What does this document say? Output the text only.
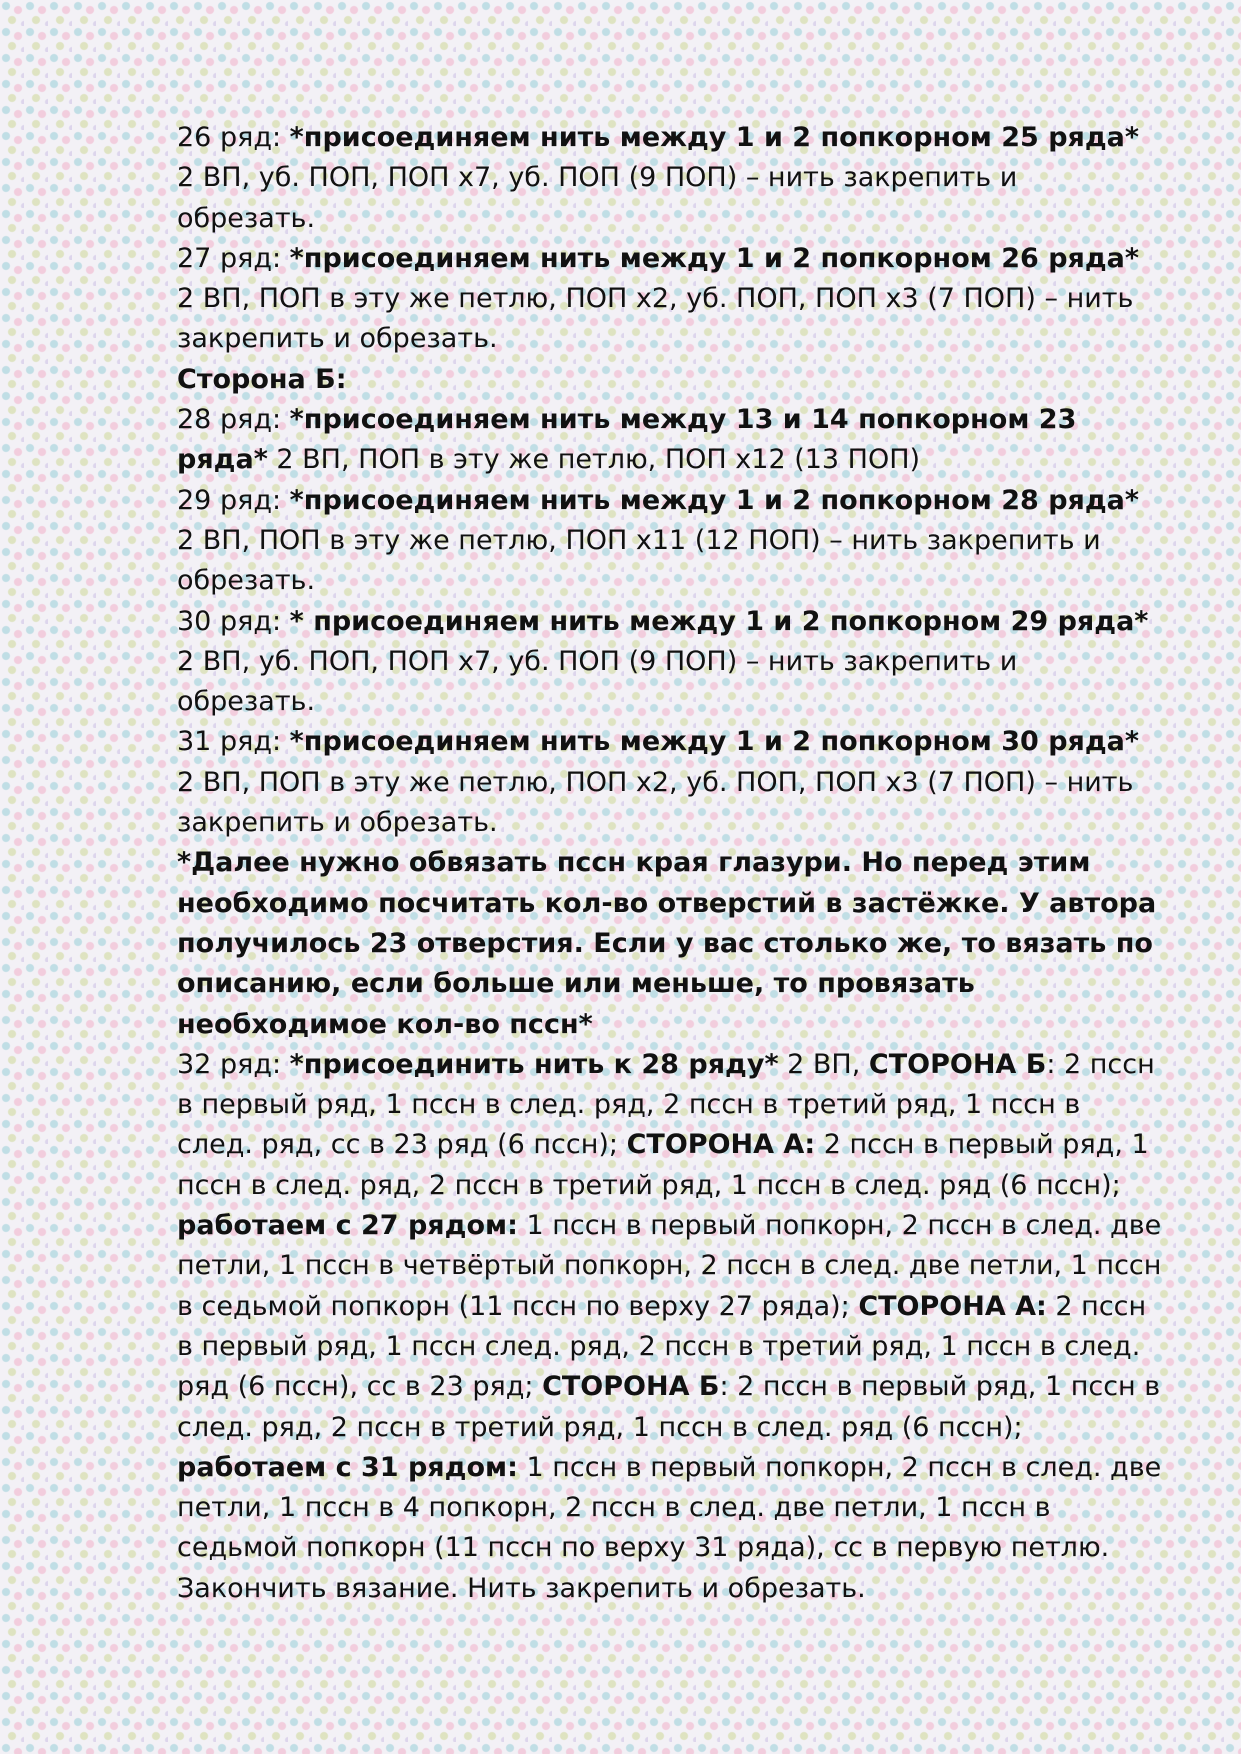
26 ряд: *присоединяем нить между 1 и 2 попкорном 25 ряда* 2 ВП, уб. ПОП, ПОП х7, уб. ПОП (9 ПОП) – нить закрепить и обрезать.

27 ряд: *присоединяем нить между 1 и 2 попкорном 26 ряда* 2 ВП, ПОП в эту же петлю, ПОП х2, уб. ПОП, ПОП х3 (7 ПОП) – нить закрепить и обрезать.

Сторона Б:

28 ряд: *присоединяем нить между 13 и 14 попкорном 23 ряда* 2 ВП, ПОП в эту же петлю, ПОП х12 (13 ПОП)

29 ряд: *присоединяем нить между 1 и 2 попкорном 28 ряда* 2 ВП, ПОП в эту же петлю, ПОП х11 (12 ПОП) – нить закрепить и обрезать.

30 ряд: * присоединяем нить между 1 и 2 попкорном 29 ряда* 2 ВП, уб. ПОП, ПОП х7, уб. ПОП (9 ПОП) – нить закрепить и обрезать.

31 ряд: *присоединяем нить между 1 и 2 попкорном 30 ряда* 2 ВП, ПОП в эту же петлю, ПОП х2, уб. ПОП, ПОП х3 (7 ПОП) – нить закрепить и обрезать.

*Далее нужно обвязать пссн края глазури. Но перед этим необходимо посчитать кол-во отверстий в застёжке. У автора получилось 23 отверстия. Если у вас столько же, то вязать по описанию, если больше или меньше, то провязать необходимое кол-во пссн*

32 ряд: *присоединить нить к 28 ряду* 2 ВП, СТОРОНА Б: 2 пссн в первый ряд, 1 пссн в след. ряд, 2 пссн в третий ряд, 1 пссн в след. ряд, сс в 23 ряд (6 пссн); СТОРОНА А: 2 пссн в первый ряд, 1 пссн в след. ряд, 2 пссн в третий ряд, 1 пссн в след. ряд (6 пссн); работаем с 27 рядом: 1 пссн в первый попкорн, 2 пссн в след. две петли, 1 пссн в четвёртый попкорн, 2 пссн в след. две петли, 1 пссн в седьмой попкорн (11 пссн по верху 27 ряда); СТОРОНА А: 2 пссн в первый ряд, 1 пссн след. ряд, 2 пссн в третий ряд, 1 пссн в след. ряд (6 пссн), сс в 23 ряд; СТОРОНА Б: 2 пссн в первый ряд, 1 пссн в след. ряд, 2 пссн в третий ряд, 1 пссн в след. ряд (6 пссн); работаем с 31 рядом: 1 пссн в первый попкорн, 2 пссн в след. две петли, 1 пссн в 4 попкорн, 2 пссн в след. две петли, 1 пссн в седьмой попкорн (11 пссн по верху 31 ряда), сс в первую петлю.

Закончить вязание. Нить закрепить и обрезать.
